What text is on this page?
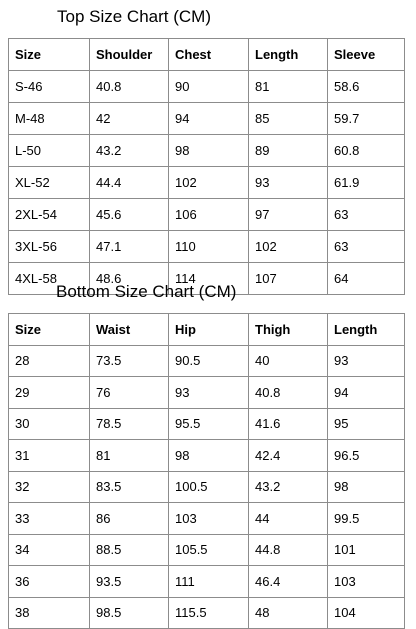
Top Size Chart (CM)
Size	Shoulder	Chest	Length	Sleeve
S-46	40.8	90	81	58.6
M-48	42	94	85	59.7
L-50	43.2	98	89	60.8
XL-52	44.4	102	93	61.9
2XL-54	45.6	106	97	63
3XL-56	47.1	110	102	63
4XL-58	48.6	114	107	64
Bottom Size Chart (CM)
Size	Waist	Hip	Thigh	Length
28	73.5	90.5	40	93
29	76	93	40.8	94
30	78.5	95.5	41.6	95
31	81	98	42.4	96.5
32	83.5	100.5	43.2	98
33	86	103	44	99.5
34	88.5	105.5	44.8	101
36	93.5	111	46.4	103
38	98.5	115.5	48	104
